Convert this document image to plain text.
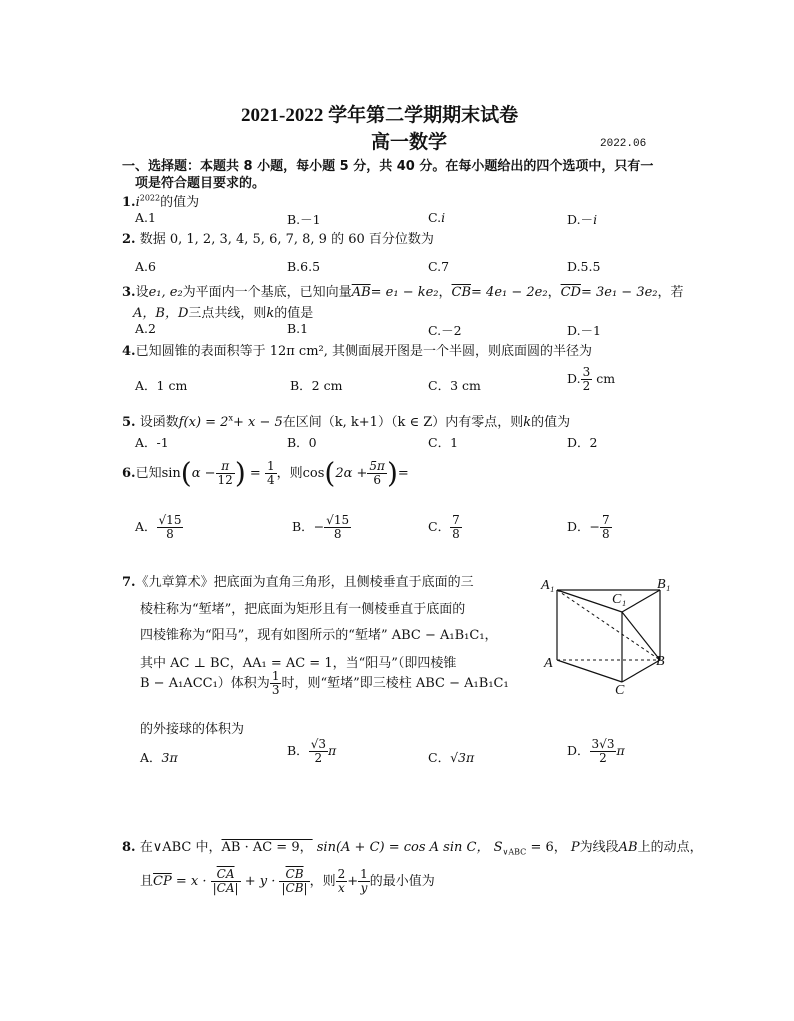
2021-2022 学年第二学期期末试卷
高一数学	2022.06
一、选择题：本题共 8 小题，每小题 5 分，共 40 分。在每小题给出的四个选项中，只有一
项是符合题目要求的。
$1.i^{2022}$的值为
A.1	B.－1	C.i	D.－i
2. 数据 0, 1, 2, 3, 4, 5, 6, 7, 8, 9 的 60 百分位数为
A.6	B.6.5	C.7	D.5.5
3.设e₁, e₂为平面内一个基底，已知向量$\overline{AB}= e_1 - ke_2$，$\overline{CB}= 4e_1 - 2e_2$，$\overline{CD}= 3e_1 - 3e_2$，若
A，B，D三点共线，则k的值是
A.2	B.1	C.－2	D.－1
4.已知圆锥的表面积等于 12π cm², 其侧面展开图是一个半圆，则底面圆的半径为
A．1 cm	B．2 cm	C．3 cm	D. $\frac{3}{2}$ cm
5. 设函数$f(x) = 2^x+ x - 5$在区间（k, k+1）（k ∈ Z）内有零点，则k的值为
A．-1	B．0	C．1	D．2
6.已知$\sin(\alpha - \frac{\pi}{12}$ ) = $\frac{1}{4}$ ，则$\cos(2\alpha + \frac{5\pi}{6}$ )=
A． $\frac{√15}{8}$	B．− $\frac{√15}{8}$	C． $\frac{7}{8}$	D．− $\frac{7}{8}$
7.《九章算术》把底面为直角三角形，且侧棱垂直于底面的三
棱柱称为“堑堵”，把底面为矩形且有一侧棱垂直于底面的
四棱锥称为“阳马”，现有如图所示的“堑堵” ABC − A₁B₁C₁，
其中 AC ⊥ BC，AA₁ = AC = 1，当“阳马”（即四棱锥
B − A₁ACC₁）体积为 $\frac{1}{3}$ 时，则“堑堵”即三棱柱 ABC − A₁B₁C₁
的外接球的体积为
A．3π	B． $\frac{√3}{2}$ π	C．√3π	D． $\frac{3√3}{2}$ π
A₁	B₁
C₁
A	B
C
8. 在∨ABC 中，AB · AC = 9， sin(A + C) = cos A sin C， $S_{\vee ABC} = 6$， P为线段AB上的动点，
且$\overline{CP} = x \cdot \frac{\overline{CA}}{|CA|} + y \cdot \frac{\overline{CB}}{|CB|}$ ，则 $\frac{2}{x} + \frac{1}{y}$ 的最小值为
